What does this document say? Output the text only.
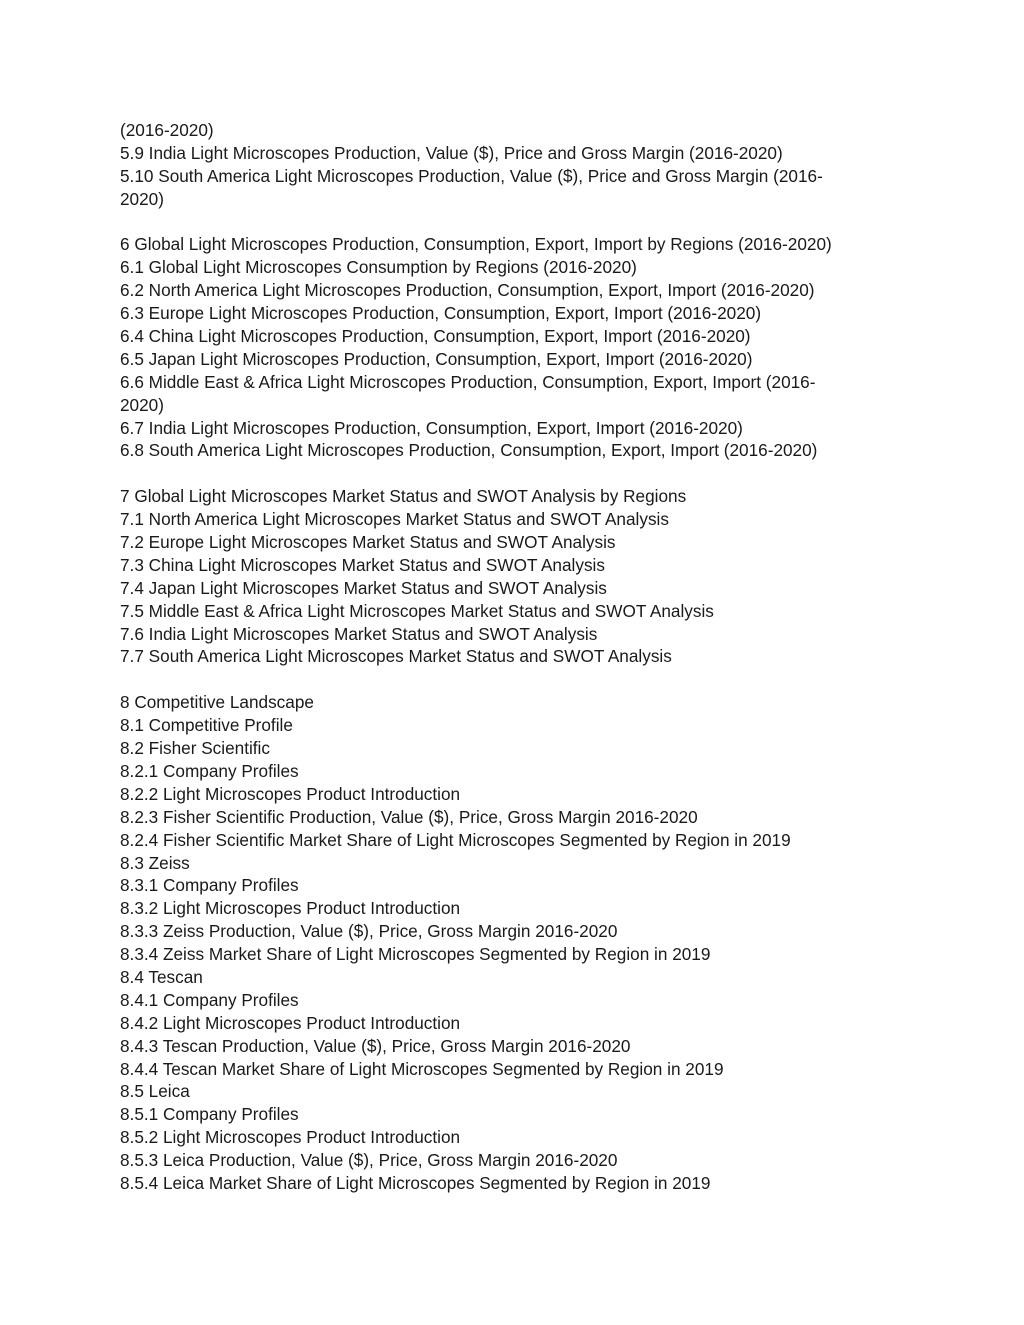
(2016-2020)
5.9 India Light Microscopes Production, Value ($), Price and Gross Margin (2016-2020)
5.10 South America Light Microscopes Production, Value ($), Price and Gross Margin (2016-
2020)
6 Global Light Microscopes Production, Consumption, Export, Import by Regions (2016-2020)
6.1 Global Light Microscopes Consumption by Regions (2016-2020)
6.2 North America Light Microscopes Production, Consumption, Export, Import (2016-2020)
6.3 Europe Light Microscopes Production, Consumption, Export, Import (2016-2020)
6.4 China Light Microscopes Production, Consumption, Export, Import (2016-2020)
6.5 Japan Light Microscopes Production, Consumption, Export, Import (2016-2020)
6.6 Middle East & Africa Light Microscopes Production, Consumption, Export, Import (2016-
2020)
6.7 India Light Microscopes Production, Consumption, Export, Import (2016-2020)
6.8 South America Light Microscopes Production, Consumption, Export, Import (2016-2020)
7 Global Light Microscopes Market Status and SWOT Analysis by Regions
7.1 North America Light Microscopes Market Status and SWOT Analysis
7.2 Europe Light Microscopes Market Status and SWOT Analysis
7.3 China Light Microscopes Market Status and SWOT Analysis
7.4 Japan Light Microscopes Market Status and SWOT Analysis
7.5 Middle East & Africa Light Microscopes Market Status and SWOT Analysis
7.6 India Light Microscopes Market Status and SWOT Analysis
7.7 South America Light Microscopes Market Status and SWOT Analysis
8 Competitive Landscape
8.1 Competitive Profile
8.2 Fisher Scientific
8.2.1 Company Profiles
8.2.2 Light Microscopes Product Introduction
8.2.3 Fisher Scientific Production, Value ($), Price, Gross Margin 2016-2020
8.2.4 Fisher Scientific Market Share of Light Microscopes Segmented by Region in 2019
8.3 Zeiss
8.3.1 Company Profiles
8.3.2 Light Microscopes Product Introduction
8.3.3 Zeiss Production, Value ($), Price, Gross Margin 2016-2020
8.3.4 Zeiss Market Share of Light Microscopes Segmented by Region in 2019
8.4 Tescan
8.4.1 Company Profiles
8.4.2 Light Microscopes Product Introduction
8.4.3 Tescan Production, Value ($), Price, Gross Margin 2016-2020
8.4.4 Tescan Market Share of Light Microscopes Segmented by Region in 2019
8.5 Leica
8.5.1 Company Profiles
8.5.2 Light Microscopes Product Introduction
8.5.3 Leica Production, Value ($), Price, Gross Margin 2016-2020
8.5.4 Leica Market Share of Light Microscopes Segmented by Region in 2019
